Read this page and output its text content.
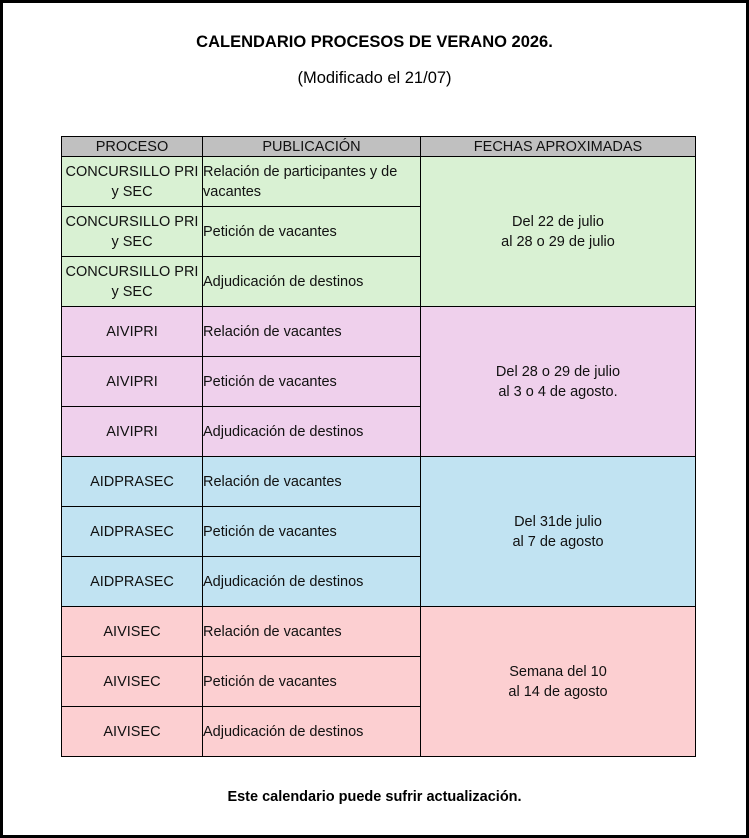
CALENDARIO PROCESOS DE VERANO 2026.
(Modificado el 21/07)
PROCESO	PUBLICACIÓN	FECHAS APROXIMADAS
CONCURSILLO PRI y SEC	Relación de participantes y de vacantes	Del 22 de julio
al 28 o 29 de julio

CONCURSILLO PRI y SEC	Petición de vacantes	
CONCURSILLO PRI y SEC	Adjudicación de destinos	
AIVIPRI	Relación de vacantes	Del 28 o 29 de julio
al 3 o 4 de agosto.

AIVIPRI	Petición de vacantes	
AIVIPRI	Adjudicación de destinos	
AIDPRASEC	Relación de vacantes	Del 31de julio
al 7 de agosto

AIDPRASEC	Petición de vacantes	
AIDPRASEC	Adjudicación de destinos	
AIVISEC	Relación de vacantes	Semana del 10
al 14 de agosto

AIVISEC	Petición de vacantes	
AIVISEC	Adjudicación de destinos	
Este calendario puede sufrir actualización.
